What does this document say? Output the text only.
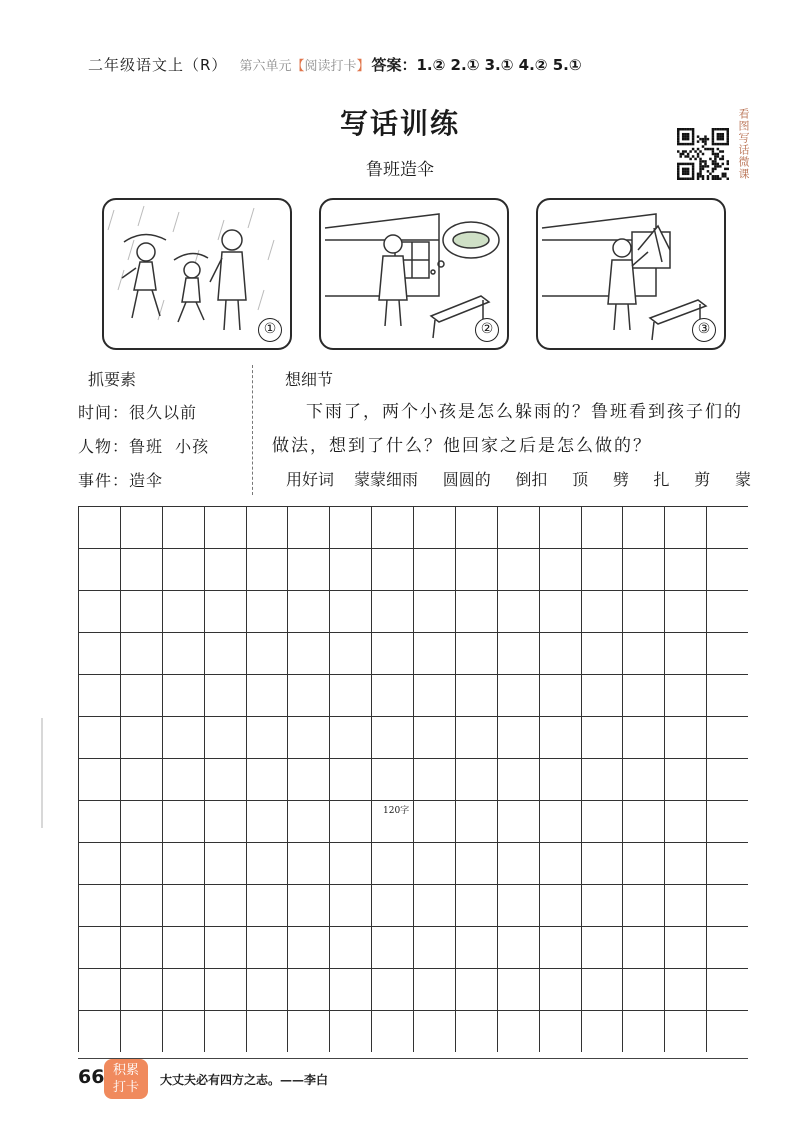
二年级语文上（R） 第六单元【阅读打卡】 答案：1.② 2.① 3.① 4.② 5.①
写话训练
鲁班造伞	看图写话微课
①	②	③
抓要素
时间：很久以前
人物：鲁班  小孩
事件：造伞
想细节
下雨了，两个小孩是怎么躲雨的？鲁班看到孩子们的做法，想到了什么？他回家之后是怎么做的？
用好词 蒙蒙细雨 圆圆的 倒扣 顶 劈 扎 剪 蒙
120字
66 积累
打卡	大丈夫必有四方之志。——李白
